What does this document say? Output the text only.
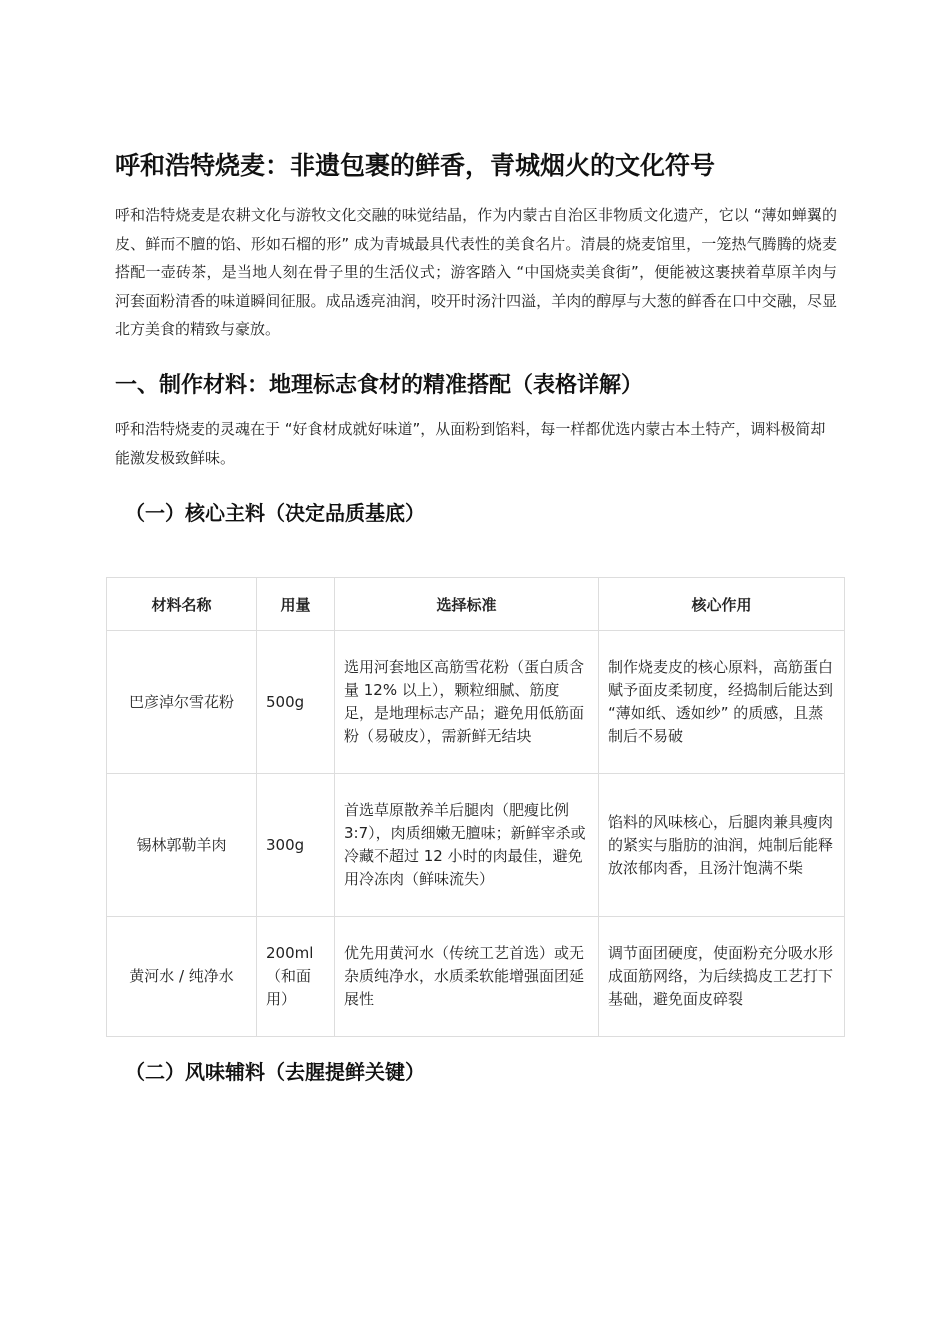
呼和浩特烧麦：非遗包裹的鲜香，青城烟火的文化符号

呼和浩特烧麦是农耕文化与游牧文化交融的味觉结晶，作为内蒙古自治区非物质文化遗产，它以 “薄如蝉翼的皮、鲜而不膻的馅、形如石榴的形” 成为青城最具代表性的美食名片。清晨的烧麦馆里，一笼热气腾腾的烧麦搭配一壶砖茶，是当地人刻在骨子里的生活仪式；游客踏入 “中国烧卖美食街”，便能被这裹挟着草原羊肉与河套面粉清香的味道瞬间征服。成品透亮油润，咬开时汤汁四溢，羊肉的醇厚与大葱的鲜香在口中交融，尽显北方美食的精致与豪放。

一、制作材料：地理标志食材的精准搭配（表格详解）

呼和浩特烧麦的灵魂在于 “好食材成就好味道”，从面粉到馅料，每一样都优选内蒙古本土特产，调料极简却能激发极致鲜味。

（一）核心主料（决定品质基底）
材料名称	用量	选择标准	核心作用
巴彦淖尔雪花粉	500g	选用河套地区高筋雪花粉（蛋白质含量 12% 以上），颗粒细腻、筋度足，是地理标志产品；避免用低筋面粉（易破皮），需新鲜无结块	制作烧麦皮的核心原料，高筋蛋白赋予面皮柔韧度，经捣制后能达到 “薄如纸、透如纱” 的质感，且蒸制后不易破
锡林郭勒羊肉	300g	首选草原散养羊后腿肉（肥瘦比例 3:7），肉质细嫩无膻味；新鲜宰杀或冷藏不超过 12 小时的肉最佳，避免用冷冻肉（鲜味流失）	馅料的风味核心，后腿肉兼具瘦肉的紧实与脂肪的油润，炖制后能释放浓郁肉香，且汤汁饱满不柴
黄河水 / 纯净水	200ml（和面用）	优先用黄河水（传统工艺首选）或无杂质纯净水，水质柔软能增强面团延展性	调节面团硬度，使面粉充分吸水形成面筋网络，为后续捣皮工艺打下基础，避免面皮碎裂
（二）风味辅料（去腥提鲜关键）
